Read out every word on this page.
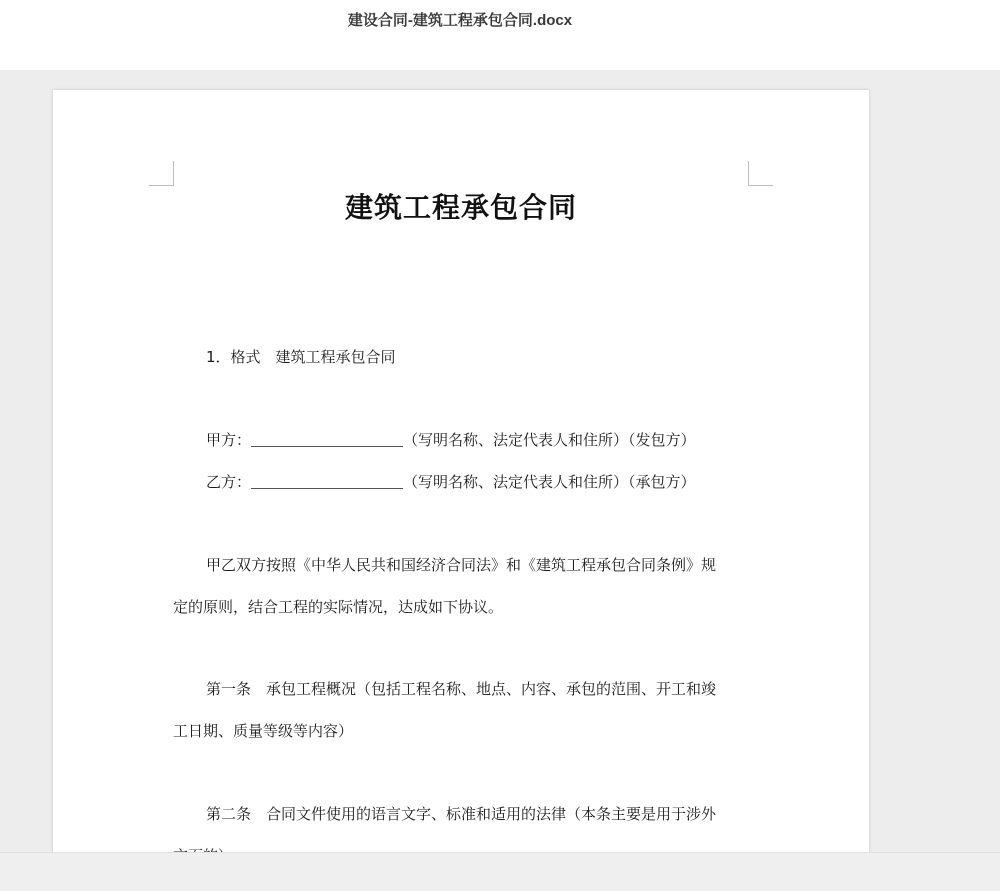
建设合同-建筑工程承包合同.docx
建筑工程承包合同
1．格式　建筑工程承包合同
甲方：	（写明名称、法定代表人和住所）（发包方）
乙方：	（写明名称、法定代表人和住所）（承包方）
甲乙双方按照《中华人民共和国经济合同法》和《建筑工程承包合同条例》规
定的原则，结合工程的实际情况，达成如下协议。
第一条　承包工程概况（包括工程名称、地点、内容、承包的范围、开工和竣
工日期、质量等级等内容）
第二条　合同文件使用的语言文字、标准和适用的法律（本条主要是用于涉外
